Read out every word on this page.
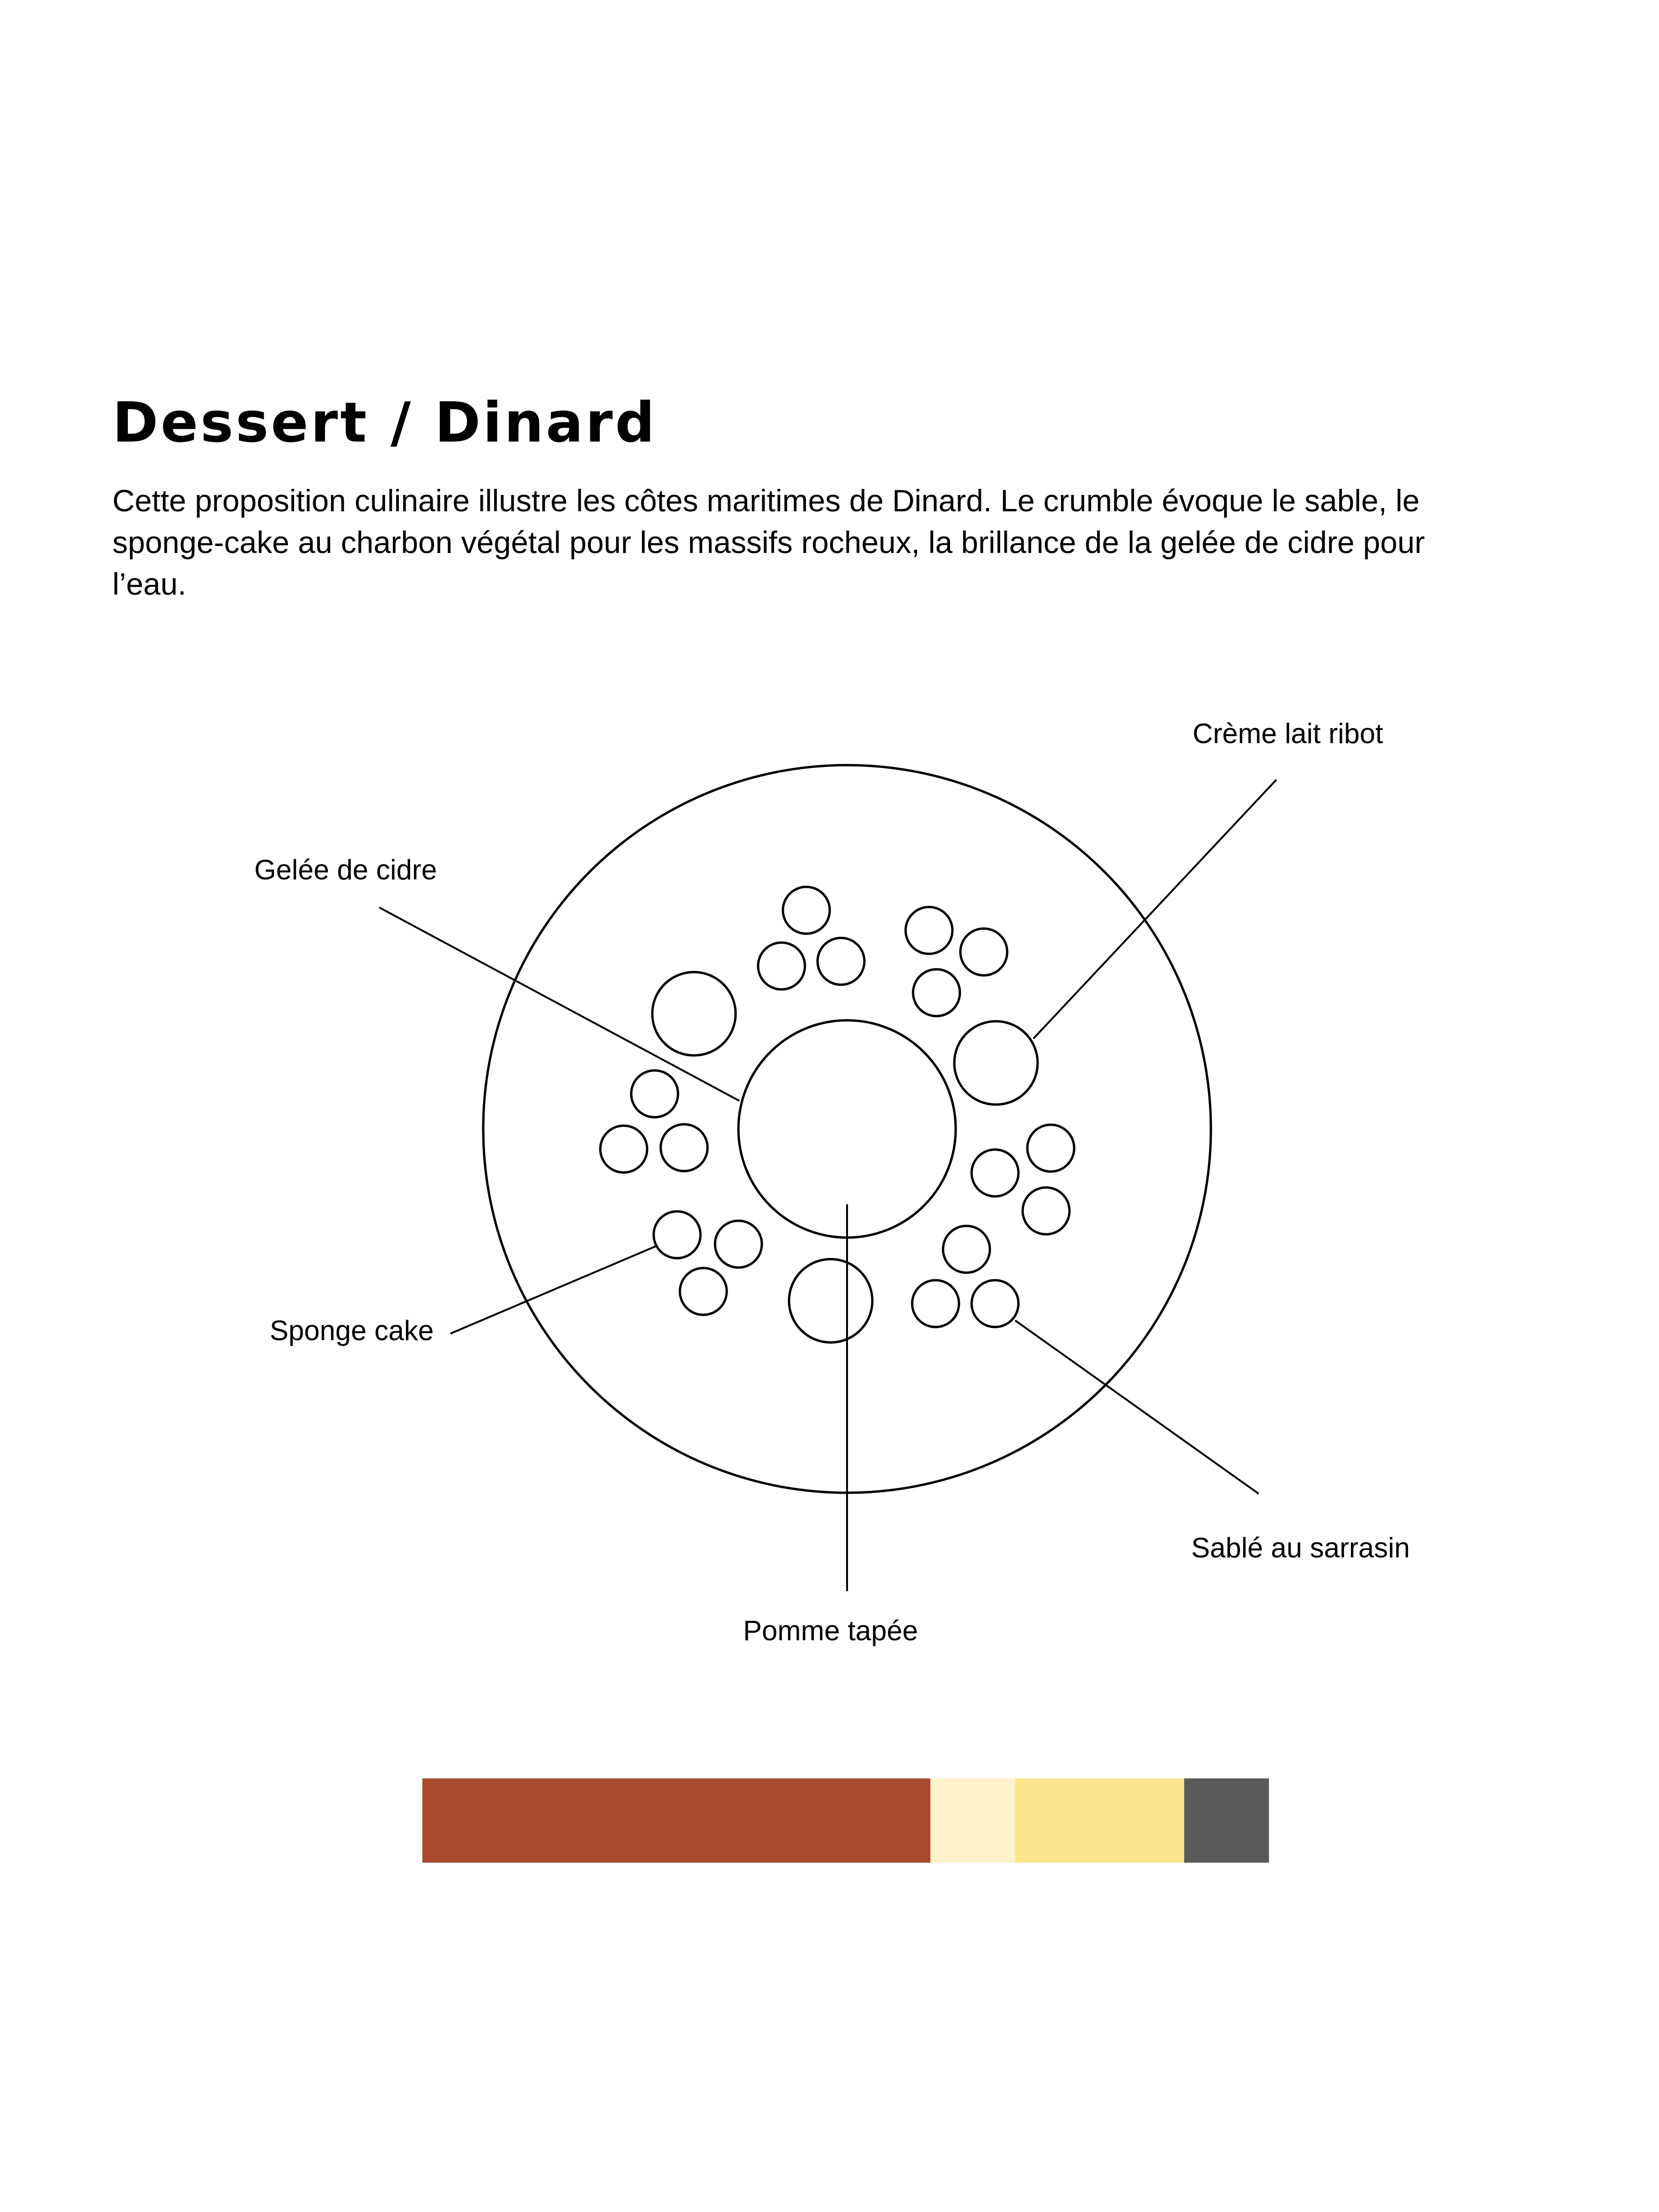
Dessert / Dinard

Cette proposition culinaire illustre les côtes maritimes de Dinard. Le crumble évoque le sable, le sponge-cake au charbon végétal pour les massifs rocheux, la brillance de la gelée de cidre pour l’eau.

Crème lait ribot
Gelée de cidre
Sponge cake
Sablé au sarrasin
Pomme tapée
